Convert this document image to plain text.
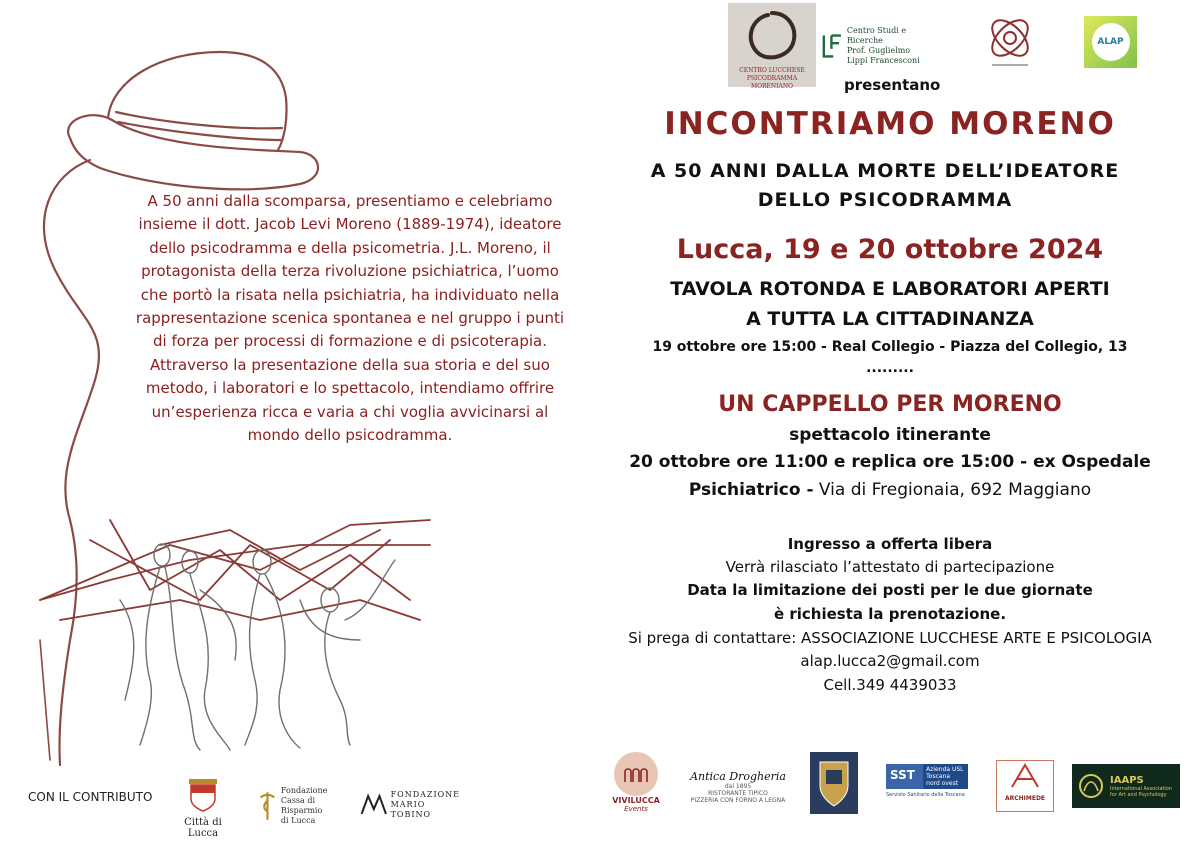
A 50 anni dalla scomparsa, presentiamo e celebriamo insieme il dott. Jacob Levi Moreno (1889-1974), ideatore dello psicodramma e della psicometria. J.L. Moreno, il protagonista della terza rivoluzione psichiatrica, l’uomo che portò la risata nella psichiatria, ha individuato nella rappresentazione scenica spontanea e nel gruppo i punti di forza per processi di formazione e di psicoterapia. Attraverso la presentazione della sua storia e del suo metodo, i laboratori e lo spettacolo, intendiamo offrire un’esperienza ricca e varia a chi voglia avvicinarsi al mondo dello psicodramma.
CON IL CONTRIBUTO
Città di Lucca
Fondazione
Cassa di Risparmio
di Lucca
FONDAZIONE
MARIO TOBINO
CENTRO LUCCHESE
PSICODRAMMA MORENIANO
Centro Studi e Ricerche
Prof. Guglielmo
Lippi Francesconi
ALAP
presentano
INCONTRIAMO MORENO
A 50 ANNI DALLA MORTE DELL’IDEATORE
DELLO PSICODRAMMA
Lucca, 19 e 20 ottobre 2024
TAVOLA ROTONDA E LABORATORI APERTI
A TUTTA LA CITTADINANZA
19 ottobre ore 15:00 - Real Collegio - Piazza del Collegio, 13
.........
UN CAPPELLO PER MORENO
spettacolo itinerante
20 ottobre ore 11:00 e replica ore 15:00 - ex Ospedale
Psichiatrico - Via di Fregionaia, 692 Maggiano
Ingresso a offerta libera
Verrà rilasciato l’attestato di partecipazione
Data la limitazione dei posti per le due giornate
è richiesta la prenotazione.
Si prega di contattare: ASSOCIAZIONE LUCCHESE ARTE E PSICOLOGIA
alap.lucca2@gmail.com
Cell.349 4439033
VIVILUCCA
Events
Antica Drogheria
dal 1895
RISTORANTE TIPICO
PIZZERIA CON FORNO A LEGNA
SST	Azienda USL
Toscana
nord ovest
Servizio Sanitario della Toscana	ARCHIMEDE
IAAPS
International Association
for Art and Psychology
